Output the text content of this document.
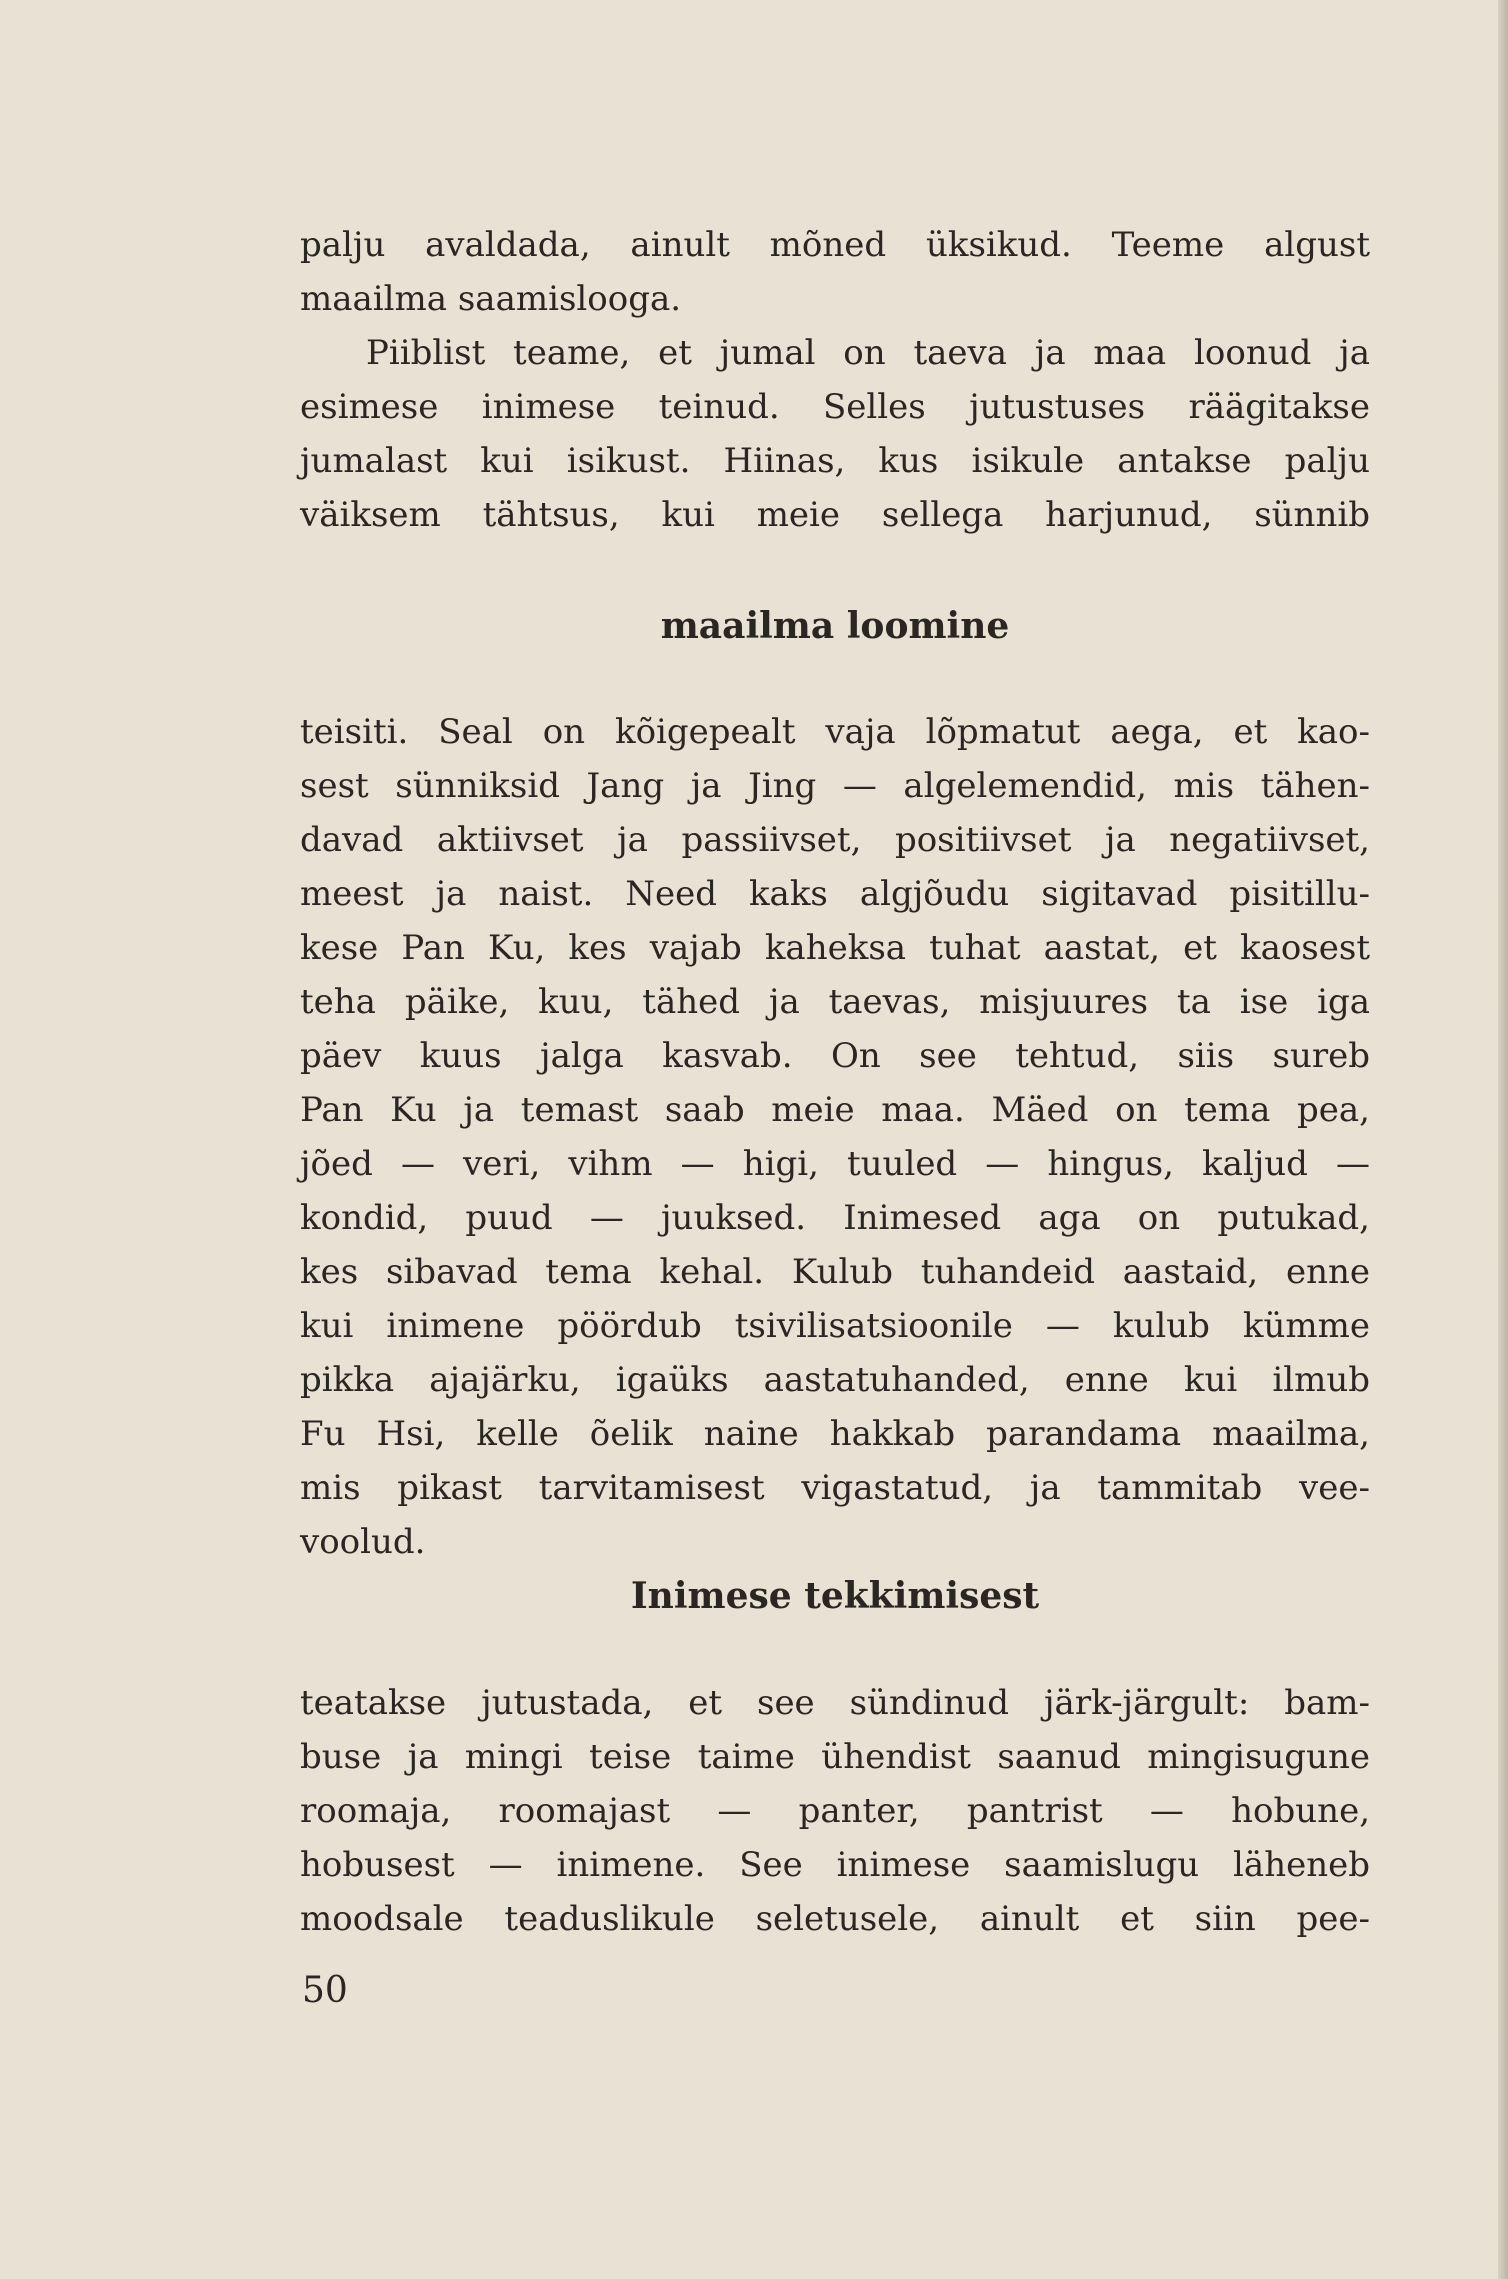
palju avaldada, ainult mõned üksikud. Teeme algust
maailma saamislooga.
Piiblist teame, et jumal on taeva ja maa loonud ja
esimese inimese teinud. Selles jutustuses räägitakse
jumalast kui isikust. Hiinas, kus isikule antakse palju
väiksem tähtsus, kui meie sellega harjunud, sünnib
maailma loomine
teisiti. Seal on kõigepealt vaja lõpmatut aega, et kao-
sest sünniksid Jang ja Jing — algelemendid, mis tähen-
davad aktiivset ja passiivset, positiivset ja negatiivset,
meest ja naist. Need kaks algjõudu sigitavad pisitillu-
kese Pan Ku, kes vajab kaheksa tuhat aastat, et kaosest
teha päike, kuu, tähed ja taevas, misjuures ta ise iga
päev kuus jalga kasvab. On see tehtud, siis sureb
Pan Ku ja temast saab meie maa. Mäed on tema pea,
jõed — veri, vihm — higi, tuuled — hingus, kaljud —
kondid, puud — juuksed. Inimesed aga on putukad,
kes sibavad tema kehal. Kulub tuhandeid aastaid, enne
kui inimene pöördub tsivilisatsioonile — kulub kümme
pikka ajajärku, igaüks aastatuhanded, enne kui ilmub
Fu Hsi, kelle õelik naine hakkab parandama maailma,
mis pikast tarvitamisest vigastatud, ja tammitab vee-
voolud.
Inimese tekkimisest
teatakse jutustada, et see sündinud järk-järgult: bam-
buse ja mingi teise taime ühendist saanud mingisugune
roomaja, roomajast — panter, pantrist — hobune,
hobusest — inimene. See inimese saamislugu läheneb
moodsale teaduslikule seletusele, ainult et siin pee-
50
